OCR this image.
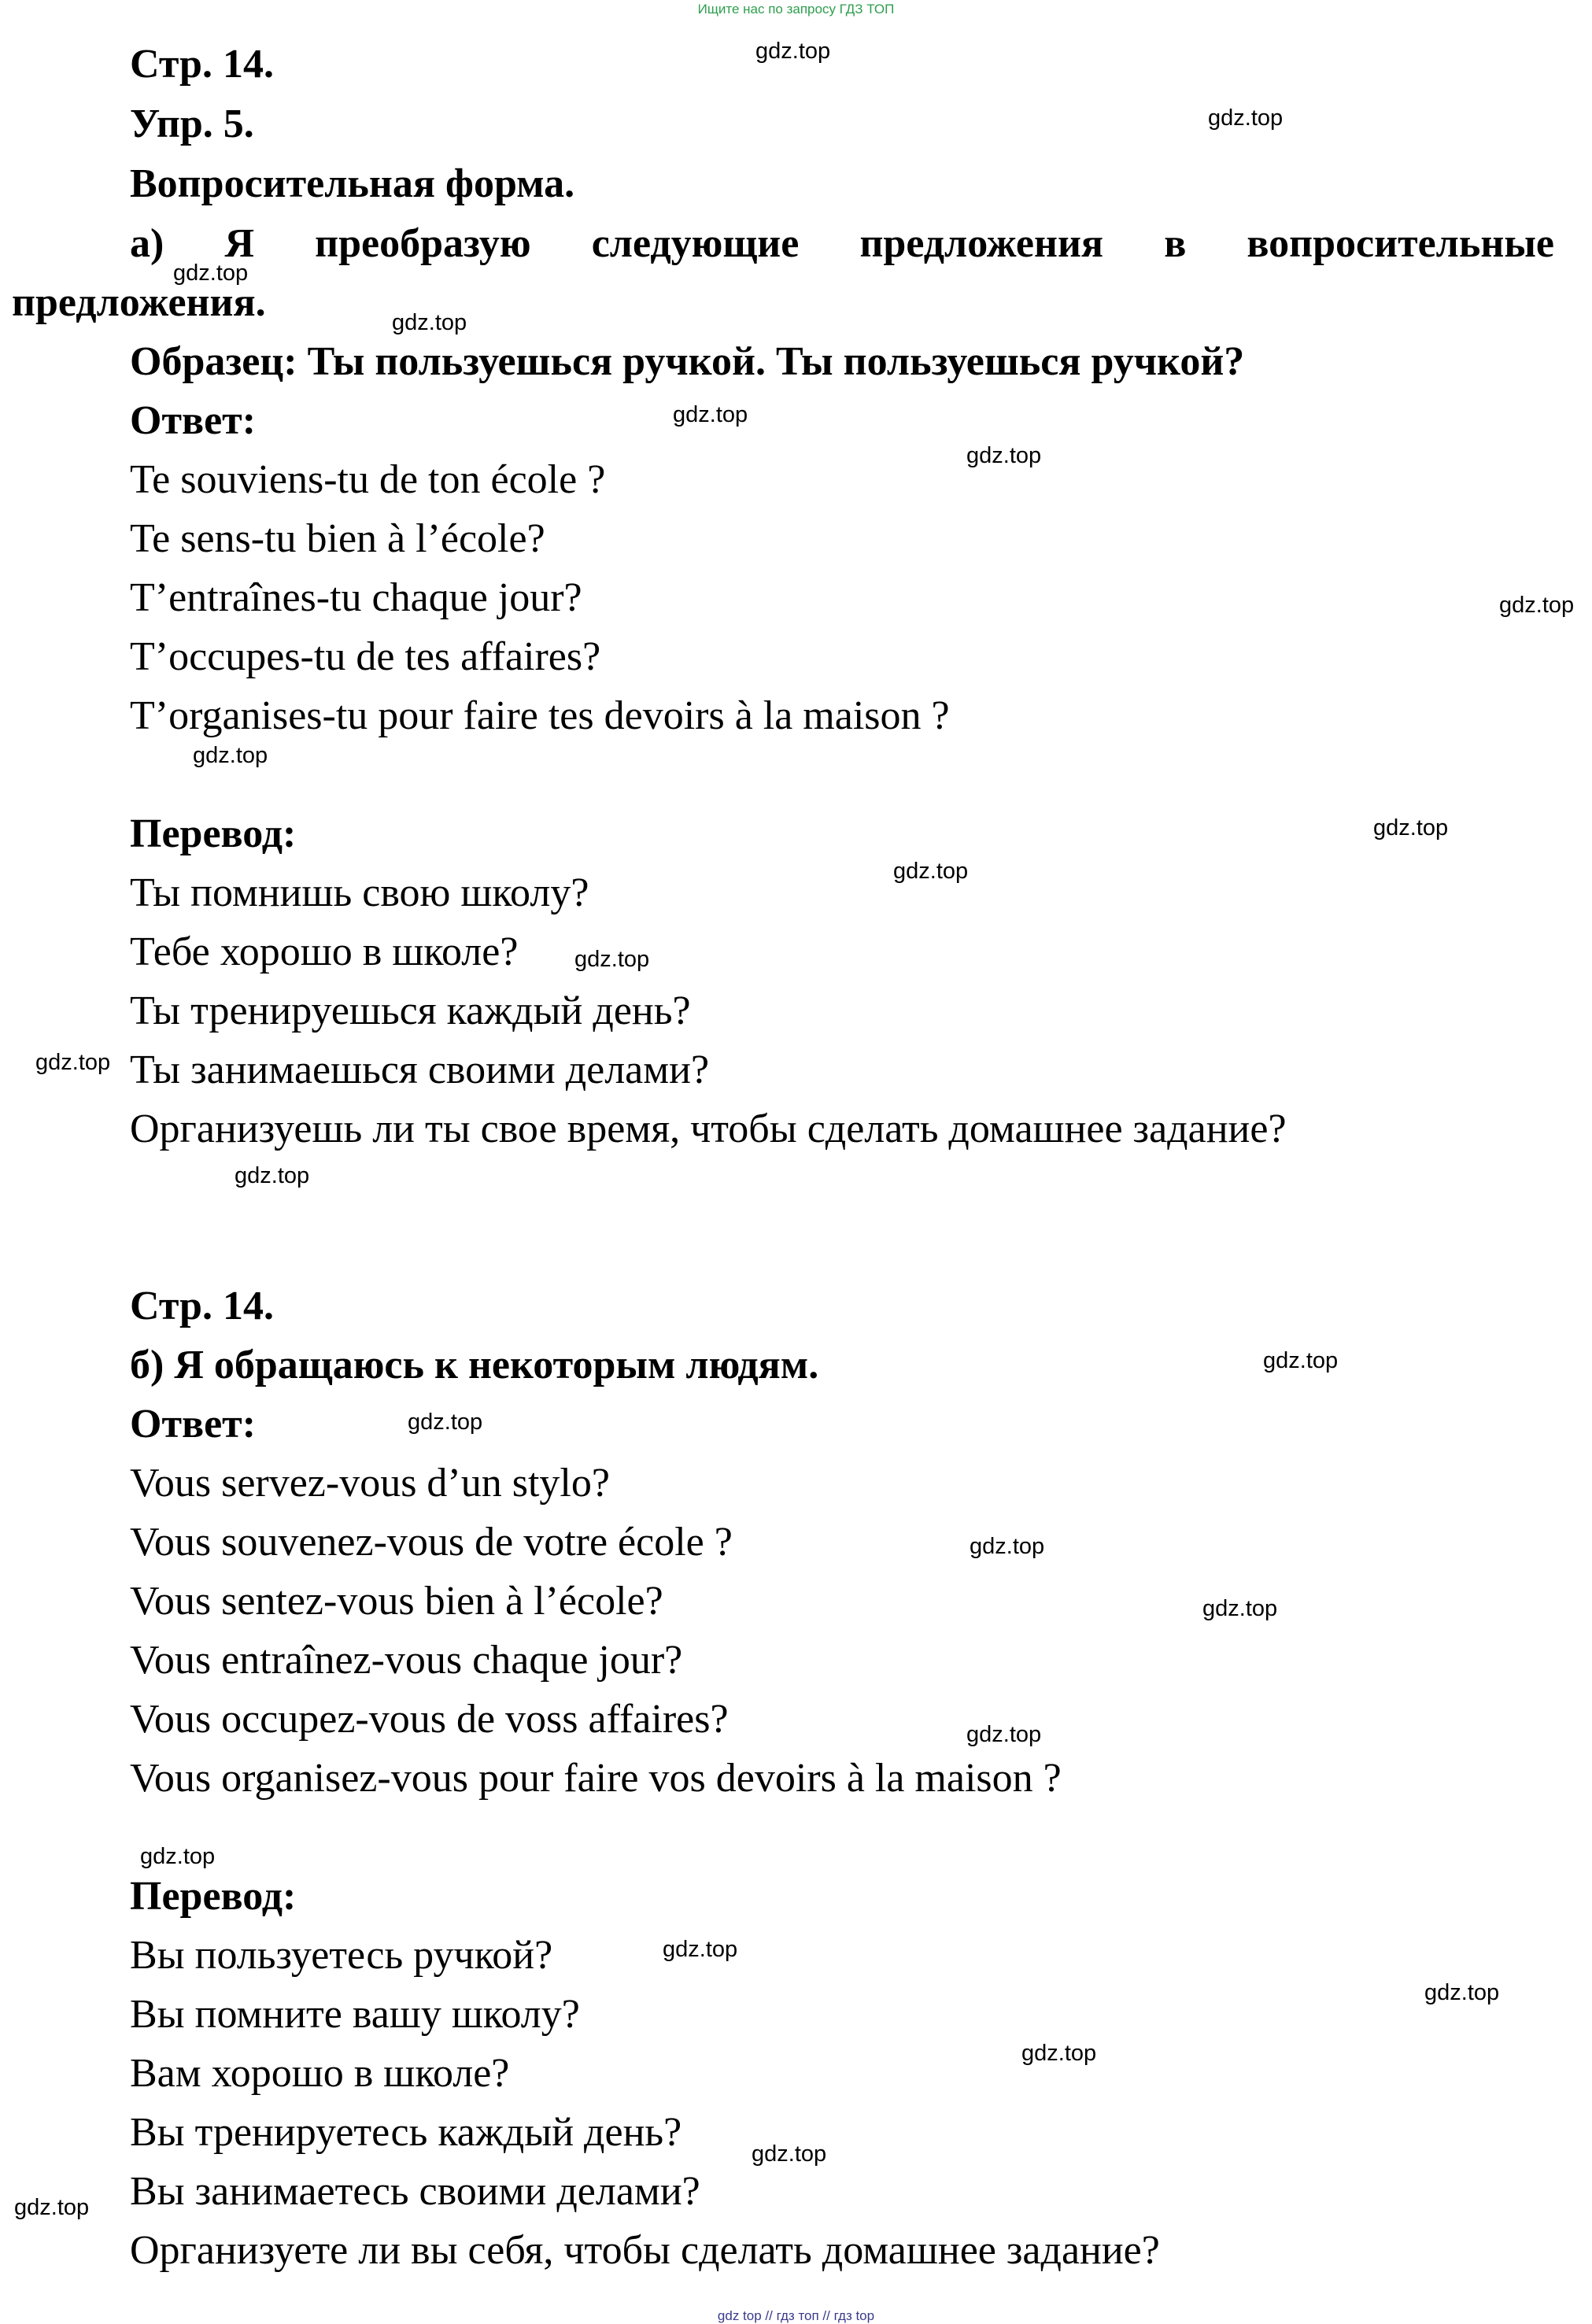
Ищите нас по запросу ГДЗ ТОП
Стр. 14.
Упр. 5.
Вопросительная форма.
а) Я преобразую следующие предложения в вопросительные
предложения.
Образец: Ты пользуешься ручкой. Ты пользуешься ручкой?
Ответ:
Te souviens-tu de ton école ?
Te sens-tu bien à l’école?
T’entraînes-tu chaque jour?
T’occupes-tu de tes affaires?
T’organises-tu pour faire tes devoirs à la maison ?
Перевод:
Ты помнишь свою школу?
Тебе хорошо в школе?
Ты тренируешься каждый день?
Ты занимаешься своими делами?
Организуешь ли ты свое время, чтобы сделать домашнее задание?
Стр. 14.
б) Я обращаюсь к некоторым людям.
Ответ:
Vous servez-vous d’un stylo?
Vous souvenez-vous de votre école ?
Vous sentez-vous bien à l’école?
Vous entraînez-vous chaque jour?
Vous occupez-vous de voss affaires?
Vous organisez-vous pour faire vos devoirs à la maison ?
Перевод:
Вы пользуетесь ручкой?
Вы помните вашу школу?
Вам хорошо в школе?
Вы тренируетесь каждый день?
Вы занимаетесь своими делами?
Организуете ли вы себя, чтобы сделать домашнее задание?
gdz.top
gdz.top
gdz.top
gdz.top
gdz.top
gdz.top
gdz.top
gdz.top
gdz.top
gdz.top
gdz.top
gdz.top
gdz.top
gdz.top
gdz.top
gdz.top
gdz.top
gdz.top
gdz.top
gdz.top
gdz.top
gdz.top
gdz.top
gdz.top
gdz top // гдз топ // гдз top
